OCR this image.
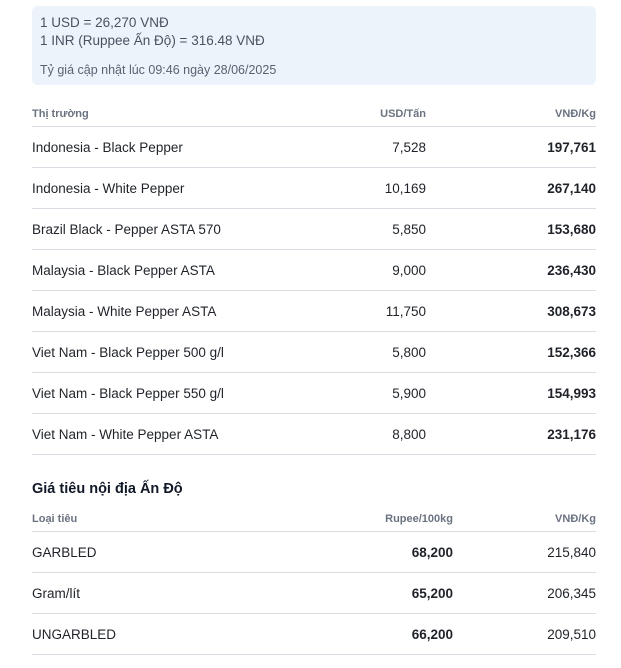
1 USD = 26,270 VNĐ
1 INR (Ruppee Ấn Độ) = 316.48 VNĐ
Tỷ giá cập nhật lúc 09:46 ngày 28/06/2025
Thị trường	USD/Tấn	VNĐ/Kg
Indonesia - Black Pepper	7,528	197,761
Indonesia - White Pepper	10,169	267,140
Brazil Black - Pepper ASTA 570	5,850	153,680
Malaysia - Black Pepper ASTA	9,000	236,430
Malaysia - White Pepper ASTA	11,750	308,673
Viet Nam - Black Pepper 500 g/l	5,800	152,366
Viet Nam - Black Pepper 550 g/l	5,900	154,993
Viet Nam - White Pepper ASTA	8,800	231,176
Giá tiêu nội địa Ấn Độ
Loại tiêu	Rupee/100kg	VNĐ/Kg
GARBLED	68,200	215,840
Gram/lít	65,200	206,345
UNGARBLED	66,200	209,510
